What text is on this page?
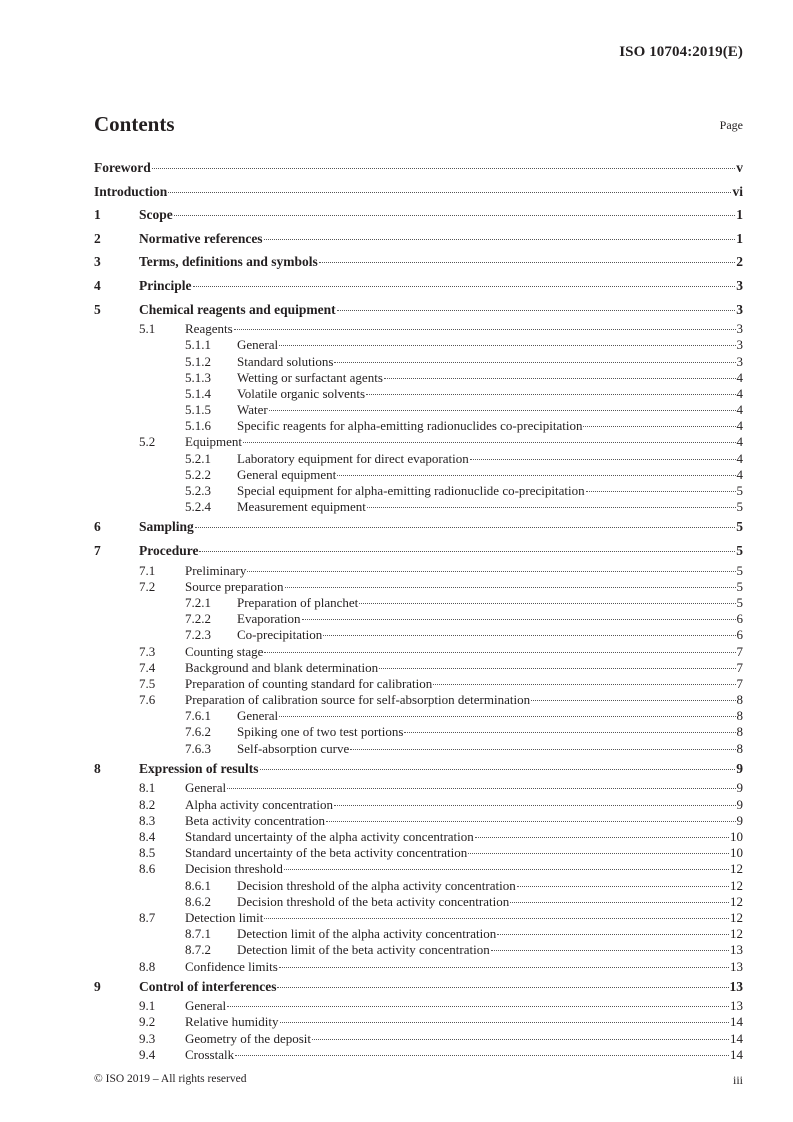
ISO 10704:2019(E)
Contents	Page
Foreword	v
Introduction	vi
1	Scope	1
2	Normative references	1
3	Terms, definitions and symbols	2
4	Principle	3
5	Chemical reagents and equipment	3
5.1	Reagents	3
5.1.1	General	3
5.1.2	Standard solutions	3
5.1.3	Wetting or surfactant agents	4
5.1.4	Volatile organic solvents	4
5.1.5	Water	4
5.1.6	Specific reagents for alpha-emitting radionuclides co-precipitation	4
5.2	Equipment	4
5.2.1	Laboratory equipment for direct evaporation	4
5.2.2	General equipment	4
5.2.3	Special equipment for alpha-emitting radionuclide co-precipitation	5
5.2.4	Measurement equipment	5
6	Sampling	5
7	Procedure	5
7.1	Preliminary	5
7.2	Source preparation	5
7.2.1	Preparation of planchet	5
7.2.2	Evaporation	6
7.2.3	Co-precipitation	6
7.3	Counting stage	7
7.4	Background and blank determination	7
7.5	Preparation of counting standard for calibration	7
7.6	Preparation of calibration source for self-absorption determination	8
7.6.1	General	8
7.6.2	Spiking one of two test portions	8
7.6.3	Self-absorption curve	8
8	Expression of results	9
8.1	General	9
8.2	Alpha activity concentration	9
8.3	Beta activity concentration	9
8.4	Standard uncertainty of the alpha activity concentration	10
8.5	Standard uncertainty of the beta activity concentration	10
8.6	Decision threshold	12
8.6.1	Decision threshold of the alpha activity concentration	12
8.6.2	Decision threshold of the beta activity concentration	12
8.7	Detection limit	12
8.7.1	Detection limit of the alpha activity concentration	12
8.7.2	Detection limit of the beta activity concentration	13
8.8	Confidence limits	13
9	Control of interferences	13
9.1	General	13
9.2	Relative humidity	14
9.3	Geometry of the deposit	14
9.4	Crosstalk	14
© ISO 2019 – All rights reserved	iii
